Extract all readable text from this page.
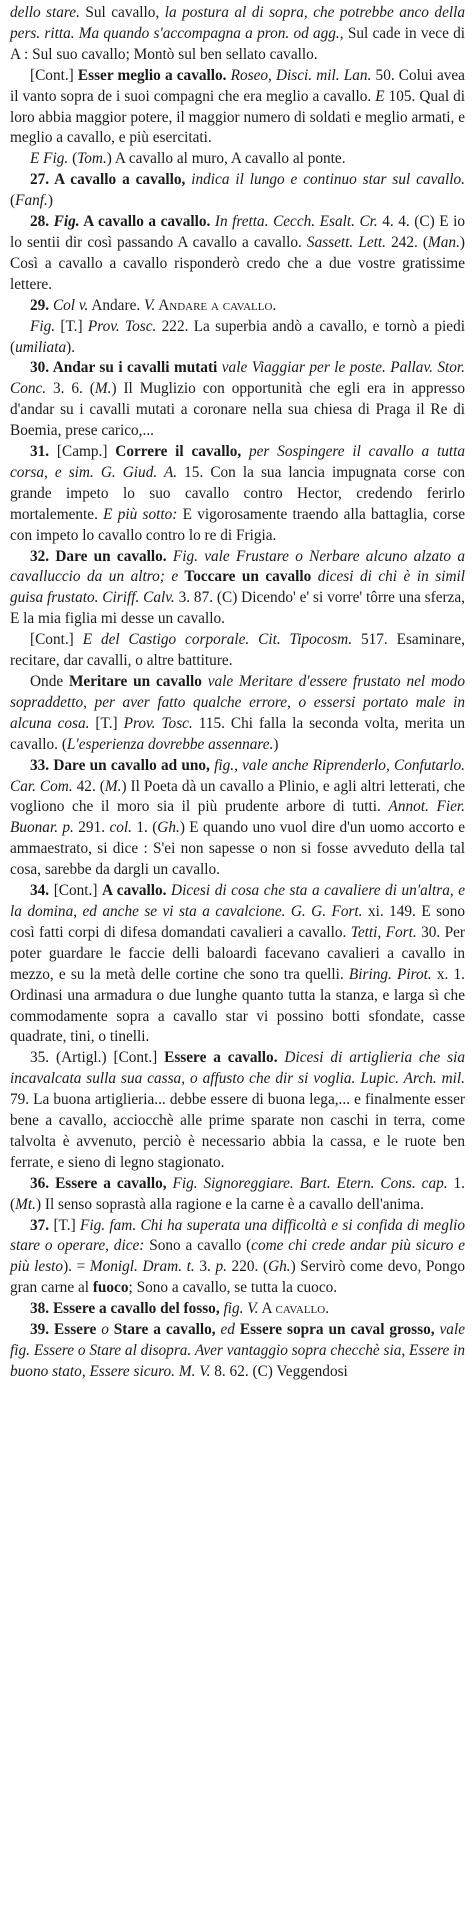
dello stare. Sul cavallo, la postura al di sopra, che potrebbe anco della pers. ritta. Ma quando s'accompagna a pron. od agg., Sul cade in vece di A : Sul suo cavallo; Montò sul ben sellato cavallo.

[Cont.] Esser meglio a cavallo. Roseo, Disci. mil. Lan. 50. Colui avea il vanto sopra de i suoi compagni che era meglio a cavallo. E 105. Qual di loro abbia maggior potere, il maggior numero di soldati e meglio armati, e meglio a cavallo, e più esercitati.

E Fig. (Tom.) A cavallo al muro, A cavallo al ponte.

27. A cavallo a cavallo, indica il lungo e continuo star sul cavallo. (Fanf.)

28. Fig. A cavallo a cavallo. In fretta. Cecch. Esalt. Cr. 4. 4. (C) E io lo sentii dir così passando A cavallo a cavallo. Sassett. Lett. 242. (Man.) Così a cavallo a cavallo risponderò credo che a due vostre gratissime lettere.

29. Col v. Andare. V. Andare a cavallo.

Fig. [T.] Prov. Tosc. 222. La superbia andò a cavallo, e tornò a piedi (umiliata).

30. Andar su i cavalli mutati vale Viaggiar per le poste. Pallav. Stor. Conc. 3. 6. (M.) Il Muglizio con opportunità che egli era in appresso d'andar su i cavalli mutati a coronare nella sua chiesa di Praga il Re di Boemia, prese carico,...

31. [Camp.] Correre il cavallo, per Sospingere il cavallo a tutta corsa, e sim. G. Giud. A. 15. Con la sua lancia impugnata corse con grande impeto lo suo cavallo contro Hector, credendo ferirlo mortalemente. E più sotto: E vigorosamente traendo alla battaglia, corse con impeto lo cavallo contro lo re di Frigia.

32. Dare un cavallo. Fig. vale Frustare o Nerbare alcuno alzato a cavalluccio da un altro; e Toccare un cavallo dicesi di chi è in simil guisa frustato. Ciriff. Calv. 3. 87. (C) Dicendo' e' si vorre' tôrre una sferza, E la mia figlia mi desse un cavallo.

[Cont.] E del Castigo corporale. Cit. Tipocosm. 517. Esaminare, recitare, dar cavalli, o altre battiture.

Onde Meritare un cavallo vale Meritare d'essere frustato nel modo sopraddetto, per aver fatto qualche errore, o essersi portato male in alcuna cosa. [T.] Prov. Tosc. 115. Chi falla la seconda volta, merita un cavallo. (L'esperienza dovrebbe assennare.)

33. Dare un cavallo ad uno, fig., vale anche Riprenderlo, Confutarlo. Car. Com. 42. (M.) Il Poeta dà un cavallo a Plinio, e agli altri letterati, che vogliono che il moro sia il più prudente arbore di tutti. Annot. Fier. Buonar. p. 291. col. 1. (Gh.) E quando uno vuol dire d'un uomo accorto e ammaestrato, si dice : S'ei non sapesse o non si fosse avveduto della tal cosa, sarebbe da dargli un cavallo.

34. [Cont.] A cavallo. Dicesi di cosa che sta a cavaliere di un'altra, e la domina, ed anche se vi sta a cavalcione. G. G. Fort. xi. 149. E sono così fatti corpi di difesa domandati cavalieri a cavallo. Tetti, Fort. 30. Per poter guardare le faccie delli baloardi facevano cavalieri a cavallo in mezzo, e su la metà delle cortine che sono tra quelli. Biring. Pirot. x. 1. Ordinasi una armadura o due lunghe quanto tutta la stanza, e larga sì che commodamente sopra a cavallo star vi possino botti sfondate, casse quadrate, tini, o tinelli.

35. (Artigl.) [Cont.] Essere a cavallo. Dicesi di artiglieria che sia incavalcata sulla sua cassa, o affusto che dir si voglia. Lupic. Arch. mil. 79. La buona artiglieria... debbe essere di buona lega,... e finalmente esser bene a cavallo, acciocchè alle prime sparate non caschi in terra, come talvolta è avvenuto, perciò è necessario abbia la cassa, e le ruote ben ferrate, e sieno di legno stagionato.

36. Essere a cavallo, Fig. Signoreggiare. Bart. Etern. Cons. cap. 1. (Mt.) Il senso soprastà alla ragione e la carne è a cavallo dell'anima.

37. [T.] Fig. fam. Chi ha superata una difficoltà e si confida di meglio stare o operare, dice: Sono a cavallo (come chi crede andar più sicuro e più lesto). = Monigl. Dram. t. 3. p. 220. (Gh.) Servirò come devo, Pongo gran carne al fuoco; Sono a cavallo, se tutta la cuoco.

38. Essere a cavallo del fosso, fig. V. A cavallo.

39. Essere o Stare a cavallo, ed Essere sopra un caval grosso, vale fig. Essere o Stare al disopra. Aver vantaggio sopra checchè sia, Essere in buono stato, Essere sicuro. M. V. 8. 62. (C) Veggendosi
